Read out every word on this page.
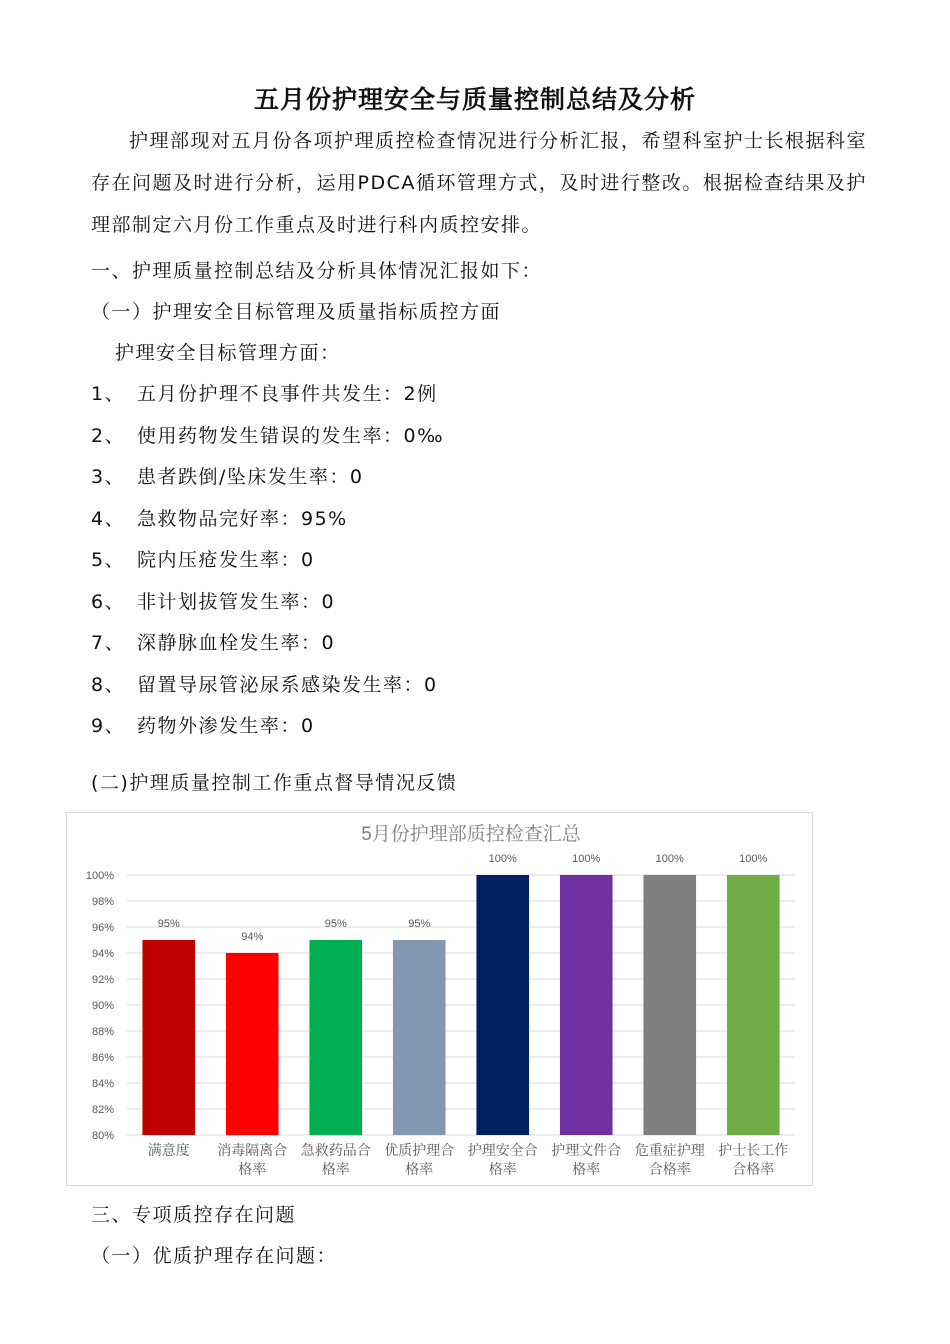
五月份护理安全与质量控制总结及分析

护理部现对五月份各项护理质控检查情况进行分析汇报，希望科室护士长根据科室存在问题及时进行分析，运用PDCA循环管理方式，及时进行整改。根据检查结果及护理部制定六月份工作重点及时进行科内质控安排。

一、护理质量控制总结及分析具体情况汇报如下：
（一）护理安全目标管理及质量指标质控方面
护理安全目标管理方面：
1、 五月份护理不良事件共发生：2例
2、 使用药物发生错误的发生率：0‰
3、 患者跌倒/坠床发生率：0
4、 急救物品完好率：95%
5、 院内压疮发生率：0
6、 非计划拔管发生率：0
7、 深静脉血栓发生率：0
8、 留置导尿管泌尿系感染发生率：0
9、 药物外渗发生率：0
(二)护理质量控制工作重点督导情况反馈
5月份护理部质控检查汇总
80%
82%
84%
86%
88%
90%
92%
94%
96%
98%
100%
95%
满意度
94%
消毒隔离合
格率
95%
急救药品合
格率
95%
优质护理合
格率
100%
护理安全合
格率
100%
护理文件合
格率
100%
危重症护理
合格率
100%
护士长工作
合格率
三、专项质控存在问题
（一）优质护理存在问题：
